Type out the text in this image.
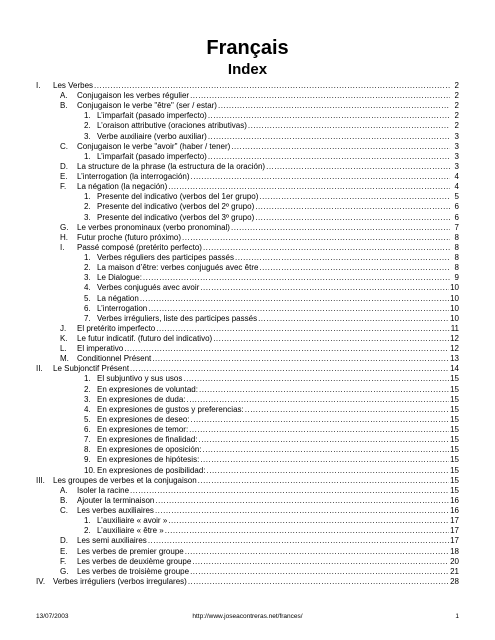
Français
Index
I. Les Verbes .....	2
A. Conjugaison les verbes régulier .....	2
B. Conjugaison le verbe "être" (ser / estar) .....	2
1. L’imparfait (pasado imperfecto) .....	2
2. L’oraison attributive (oraciones atributivas) .....	2
3. Verbe auxiliaire (verbo auxiliar) .....	3
C. Conjugaison le verbe "avoir" (haber / tener) .....	3
1. L’imparfait (pasado imperfecto) .....	3
D. La structure de la phrase (la estructura de la oración) .....	3
E. L’interrogation (la interrogación) .....	4
F. La négation (la negación) .....	4
1. Presente del indicativo (verbos del 1er grupo) .....	5
2. Presente del indicativo (verbos del 2º grupo) .....	6
3. Presente del indicativo (verbos del 3º grupo) .....	6
G. Le verbes pronominaux (verbo pronominal) .....	7
H. Futur proche (futuro próximo) .....	8
I. Passé composé (pretérito perfecto) .....	8
1. Verbes réguliers des participes passés .....	8
2. La maison d’être: verbes conjugués avec être .....	8
3. Le Dialogue: .....	9
4. Verbes conjugués avec avoir .....	10
5. La négation .....	10
6. L’interrogation .....	10
7. Verbes irréguliers, liste des participes passés .....	10
J. El pretérito imperfecto .....	11
K. Le futur indicatif. (futuro del indicativo) .....	12
L. El imperativo .....	12
M. Conditionnel Présent .....	13
II. Le Subjonctif Présent .....	14
1. El subjuntivo y sus usos .....	15
2. En expresiones de voluntad: .....	15
3. En expresiones de duda: .....	15
4. En expresiones de gustos y preferencias: .....	15
5. En expresiones de deseo: .....	15
6. En expresiones de temor: .....	15
7. En expresiones de finalidad: .....	15
8. En expresiones de oposición: .....	15
9. En expresiones de hipótesis: .....	15
10. En expresiones de posibilidad: .....	15
III. Les groupes de verbes et la conjugaison .....	15
A. Isoler la racine .....	15
B. Ajouter la terminaison .....	16
C. Les verbes auxiliaires .....	16
1. L’auxiliaire « avoir » .....	17
2. L’auxiliaire « être » .....	17
D. Les semi auxiliaires .....	17
E. Les verbes de premier groupe .....	18
F. Les verbes de deuxième groupe .....	20
G. Les verbes de troisième groupe .....	21
IV. Verbes irréguliers (verbos irregulares) .....	28
13/07/2003	http://www.joseacontreras.net/frances/	1
